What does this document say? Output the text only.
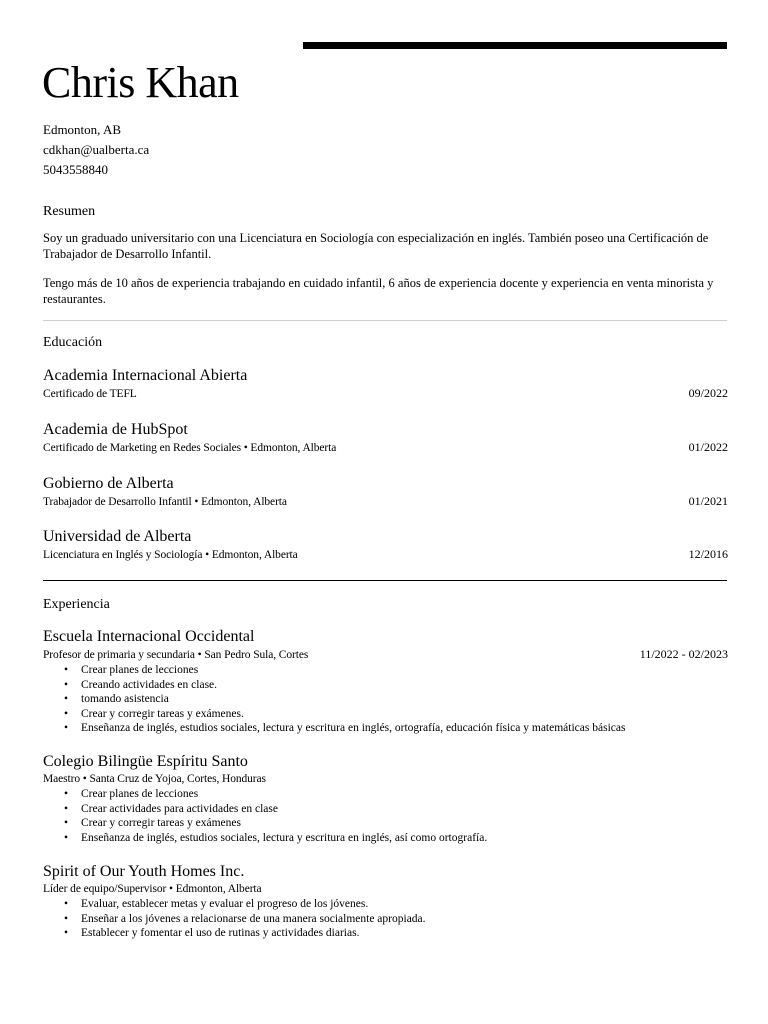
Chris Khan
Edmonton, AB
cdkhan@ualberta.ca
5043558840
Resumen
Soy un graduado universitario con una Licenciatura en Sociología con especialización en inglés. También poseo una Certificación de Trabajador de Desarrollo Infantil.
Tengo más de 10 años de experiencia trabajando en cuidado infantil, 6 años de experiencia docente y experiencia en venta minorista y restaurantes.
Educación
Academia Internacional Abierta
Certificado de TEFL	09/2022
Academia de HubSpot
Certificado de Marketing en Redes Sociales • Edmonton, Alberta	01/2022
Gobierno de Alberta
Trabajador de Desarrollo Infantil • Edmonton, Alberta	01/2021
Universidad de Alberta
Licenciatura en Inglés y Sociología • Edmonton, Alberta	12/2016
Experiencia
Escuela Internacional Occidental
Profesor de primaria y secundaria • San Pedro Sula, Cortes	11/2022 - 02/2023
• Crear planes de lecciones
• Creando actividades en clase.
• tomando asistencia
• Crear y corregir tareas y exámenes.
• Enseñanza de inglés, estudios sociales, lectura y escritura en inglés, ortografía, educación física y matemáticas básicas
Colegio Bilingüe Espíritu Santo
Maestro • Santa Cruz de Yojoa, Cortes, Honduras
• Crear planes de lecciones
• Crear actividades para actividades en clase
• Crear y corregir tareas y exámenes
• Enseñanza de inglés, estudios sociales, lectura y escritura en inglés, así como ortografía.
Spirit of Our Youth Homes Inc.
Líder de equipo/Supervisor • Edmonton, Alberta
• Evaluar, establecer metas y evaluar el progreso de los jóvenes.
• Enseñar a los jóvenes a relacionarse de una manera socialmente apropiada.
• Establecer y fomentar el uso de rutinas y actividades diarias.
